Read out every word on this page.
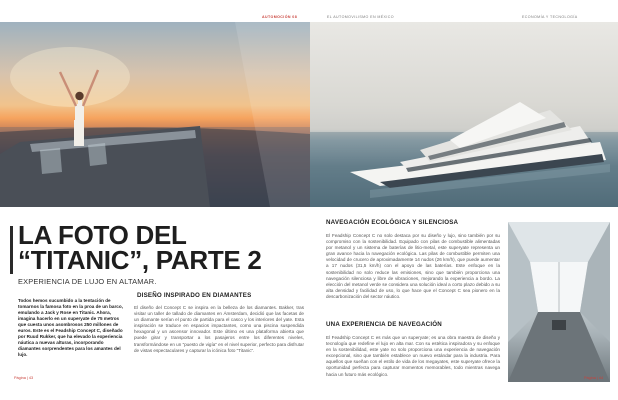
AUTOMOCIÓN 08	EL AUTOMOVILISMO EN MÉXICO	ECONOMÍA Y TECNOLOGÍA
LA FOTO DEL “TITANIC”, PARTE 2
EXPERIENCIA DE LUJO EN ALTAMAR.

Todos hemos sucumbido a la tentación de tomarnos la famosa foto en la proa de un barco, emulando a Jack y Rose en Titanic. Ahora, imagina hacerlo en un superyate de 75 metros que cuesta unos asombrosos 250 millones de euros. Este es el Feadship Concept C, diseñado por Ruud Rukker, que ha elevado la experiencia náutica a nuevas alturas, incorporando diamantes sorprendentes para los amantes del lujo.

DISEÑO INSPIRADO EN DIAMANTES

El diseño del Concept C se inspira en la belleza de los diamantes. Bakker, tras visitar un taller de tallado de diamantes en Ámsterdam, decidió que las facetas de un diamante serían el punto de partida para el casco y los interiores del yate. Esta inspiración se traduce en espacios impactantes, como una piscina suspendida hexagonal y un ascensor innovador. Este último es una plataforma abierta que puede girar y transportar a los pasajeros entre los diferentes niveles, transformándose en un “puesto de vigía” en el nivel superior, perfecto para disfrutar de vistas espectaculares y capturar la icónica foto “Titanic”.

NAVEGACIÓN ECOLÓGICA Y SILENCIOSA

El Feadship Concept C no solo destaca por su diseño y lujo, sino también por su compromiso con la sostenibilidad. Equipado con pilas de combustible alimentadas por metanol y un sistema de baterías de litio-metal, este superyate representa un gran avance hacia la navegación ecológica. Las pilas de combustible permiten una velocidad de crucero de aproximadamente 14 nudos (26 km/h), que puede aumentar a 17 nudos (31,5 km/h) con el apoyo de las baterías. Este enfoque en la sostenibilidad no solo reduce las emisiones, sino que también proporciona una navegación silenciosa y libre de vibraciones, mejorando la experiencia a bordo. La elección del metanol verde se considera una solución ideal a corto plazo debido a su alta densidad y facilidad de uso, lo que hace que el Concept C sea pionero en la descarbonización del sector náutico.

UNA EXPERIENCIA DE NAVEGACIÓN

El Feadship Concept C es más que un superyate; es una obra maestra de diseño y tecnología que redefine el lujo en alta mar. Con su estética inspiradora y su enfoque en la sostenibilidad, este yate no solo proporciona una experiencia de navegación excepcional, sino que también establece un nuevo estándar para la industria. Para aquellos que sueñan con el estilo de vida de los megayates, este superyate ofrece la oportunidad perfecta para capturar momentos memorables, todo mientras navega hacia un futuro más ecológico.

Página | 43	Página | 44
